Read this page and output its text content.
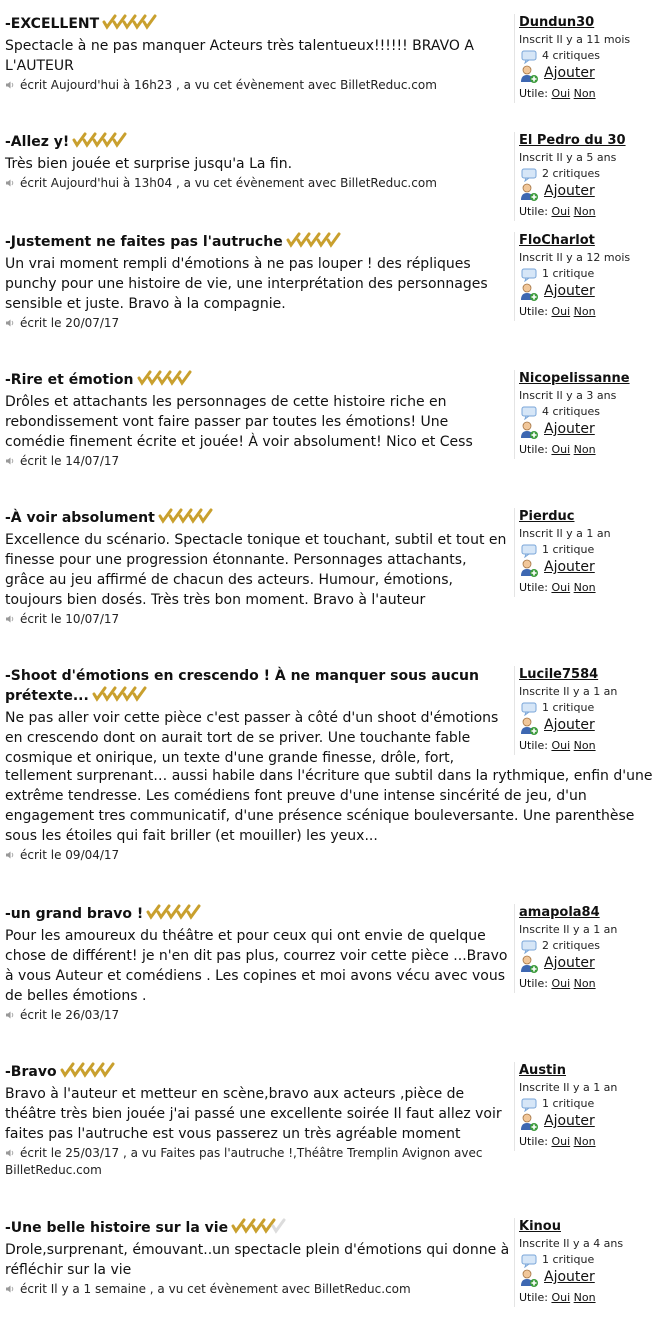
-EXCELLENT
Spectacle à ne pas manquer Acteurs très talentueux!!!!!! BRAVO A L'AUTEUR
écrit Aujourd'hui à 16h23 , a vu cet évènement avec BilletReduc.com
Dundun30
Inscrit Il y a 11 mois
4 critiques
Ajouter
Utile: Oui Non
-Allez y!
Très bien jouée et surprise jusqu'a La fin.
écrit Aujourd'hui à 13h04 , a vu cet évènement avec BilletReduc.com
El Pedro du 30
Inscrit Il y a 5 ans
2 critiques
Ajouter
Utile: Oui Non
-Justement ne faites pas l'autruche
Un vrai moment rempli d'émotions à ne pas louper ! des répliques punchy pour une histoire de vie, une interprétation des personnages sensible et juste. Bravo à la compagnie.
écrit le 20/07/17
FloCharlot
Inscrit Il y a 12 mois
1 critique
Ajouter
Utile: Oui Non
-Rire et émotion
Drôles et attachants les personnages de cette histoire riche en rebondissement vont faire passer par toutes les émotions! Une comédie finement écrite et jouée! À voir absolument! Nico et Cess
écrit le 14/07/17
Nicopelissanne
Inscrit Il y a 3 ans
4 critiques
Ajouter
Utile: Oui Non
-À voir absolument
Excellence du scénario. Spectacle tonique et touchant, subtil et tout en finesse pour une progression étonnante. Personnages attachants, grâce au jeu affirmé de chacun des acteurs. Humour, émotions, toujours bien dosés. Très très bon moment. Bravo à l'auteur
écrit le 10/07/17
Pierduc
Inscrit Il y a 1 an
1 critique
Ajouter
Utile: Oui Non
-Shoot d'émotions en crescendo ! À ne manquer sous aucun prétexte...
Ne pas aller voir cette pièce c'est passer à côté d'un shoot d'émotions en crescendo dont on aurait tort de se priver. Une touchante fable cosmique et onirique, un texte d'une grande finesse, drôle, fort,
Lucile7584
Inscrite Il y a 1 an
1 critique
Ajouter
Utile: Oui Non
tellement surprenant… aussi habile dans l'écriture que subtil dans la rythmique, enfin d'une extrême tendresse. Les comédiens font preuve d'une intense sincérité de jeu, d'un engagement tres communicatif, d'une présence scénique bouleversante. Une parenthèse sous les étoiles qui fait briller (et mouiller) les yeux...
écrit le 09/04/17
-un grand bravo !
Pour les amoureux du théâtre et pour ceux qui ont envie de quelque chose de différent! je n'en dit pas plus, courrez voir cette pièce ...Bravo à vous Auteur et comédiens . Les copines et moi avons vécu avec vous de belles émotions .
écrit le 26/03/17
amapola84
Inscrite Il y a 1 an
2 critiques
Ajouter
Utile: Oui Non
-Bravo
Bravo à l'auteur et metteur en scène,bravo aux acteurs ,pièce de théâtre très bien jouée j'ai passé une excellente soirée Il faut allez voir faites pas l'autruche est vous passerez un très agréable moment
écrit le 25/03/17 , a vu Faites pas l'autruche !,Théâtre Tremplin Avignon avec BilletReduc.com
Austin
Inscrite Il y a 1 an
1 critique
Ajouter
Utile: Oui Non
-Une belle histoire sur la vie
Drole,surprenant, émouvant..un spectacle plein d'émotions qui donne à réfléchir sur la vie
écrit Il y a 1 semaine , a vu cet évènement avec BilletReduc.com
Kinou
Inscrite Il y a 4 ans
1 critique
Ajouter
Utile: Oui Non
